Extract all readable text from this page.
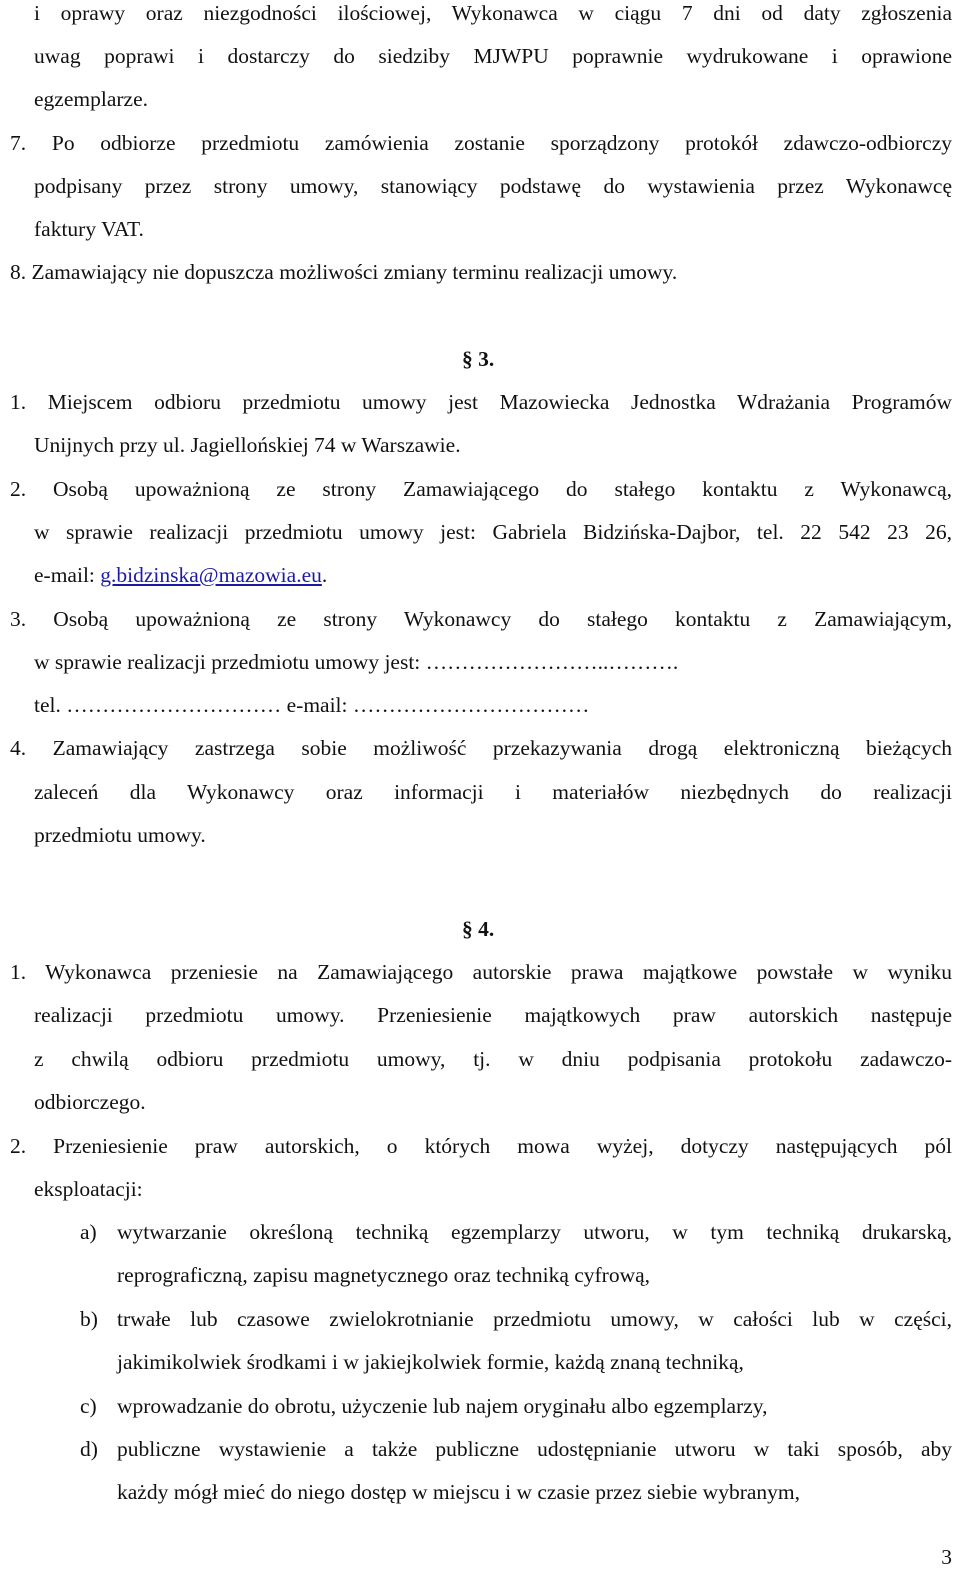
i oprawy oraz niezgodności ilościowej, Wykonawca w ciągu 7 dni od daty zgłoszenia
uwag poprawi i dostarczy do siedziby MJWPU poprawnie wydrukowane i oprawione
egzemplarze.
7. Po odbiorze przedmiotu zamówienia zostanie sporządzony protokół zdawczo-odbiorczy
podpisany przez strony umowy, stanowiący podstawę do wystawienia przez Wykonawcę
faktury VAT.
8. Zamawiający nie dopuszcza możliwości zmiany terminu realizacji umowy.
§ 3.
1. Miejscem odbioru przedmiotu umowy jest Mazowiecka Jednostka Wdrażania Programów
Unijnych przy ul. Jagiellońskiej 74 w Warszawie.
2. Osobą upoważnioną ze strony Zamawiającego do stałego kontaktu z Wykonawcą,
w sprawie realizacji przedmiotu umowy jest: Gabriela Bidzińska-Dajbor, tel. 22 542 23 26,
e-mail: g.bidzinska@mazowia.eu.
3. Osobą upoważnioną ze strony Wykonawcy do stałego kontaktu z Zamawiającym,
w sprawie realizacji przedmiotu umowy jest: ……………………..……….
tel. ………………………… e-mail: ……………………………
4. Zamawiający zastrzega sobie możliwość przekazywania drogą elektroniczną bieżących
zaleceń dla Wykonawcy oraz informacji i materiałów niezbędnych do realizacji
przedmiotu umowy.
§ 4.
1. Wykonawca przeniesie na Zamawiającego autorskie prawa majątkowe powstałe w wyniku
realizacji przedmiotu umowy. Przeniesienie majątkowych praw autorskich następuje
z chwilą odbioru przedmiotu umowy, tj. w dniu podpisania protokołu zadawczo-
odbiorczego.
2. Przeniesienie praw autorskich, o których mowa wyżej, dotyczy następujących pól
eksploatacji:
a) wytwarzanie określoną techniką egzemplarzy utworu, w tym techniką drukarską,
reprograficzną, zapisu magnetycznego oraz techniką cyfrową,
b) trwałe lub czasowe zwielokrotnianie przedmiotu umowy, w całości lub w części,
jakimikolwiek środkami i w jakiejkolwiek formie, każdą znaną techniką,
c) wprowadzanie do obrotu, użyczenie lub najem oryginału albo egzemplarzy,
d) publiczne wystawienie a także publiczne udostępnianie utworu w taki sposób, aby
każdy mógł mieć do niego dostęp w miejscu i w czasie przez siebie wybranym,
3
